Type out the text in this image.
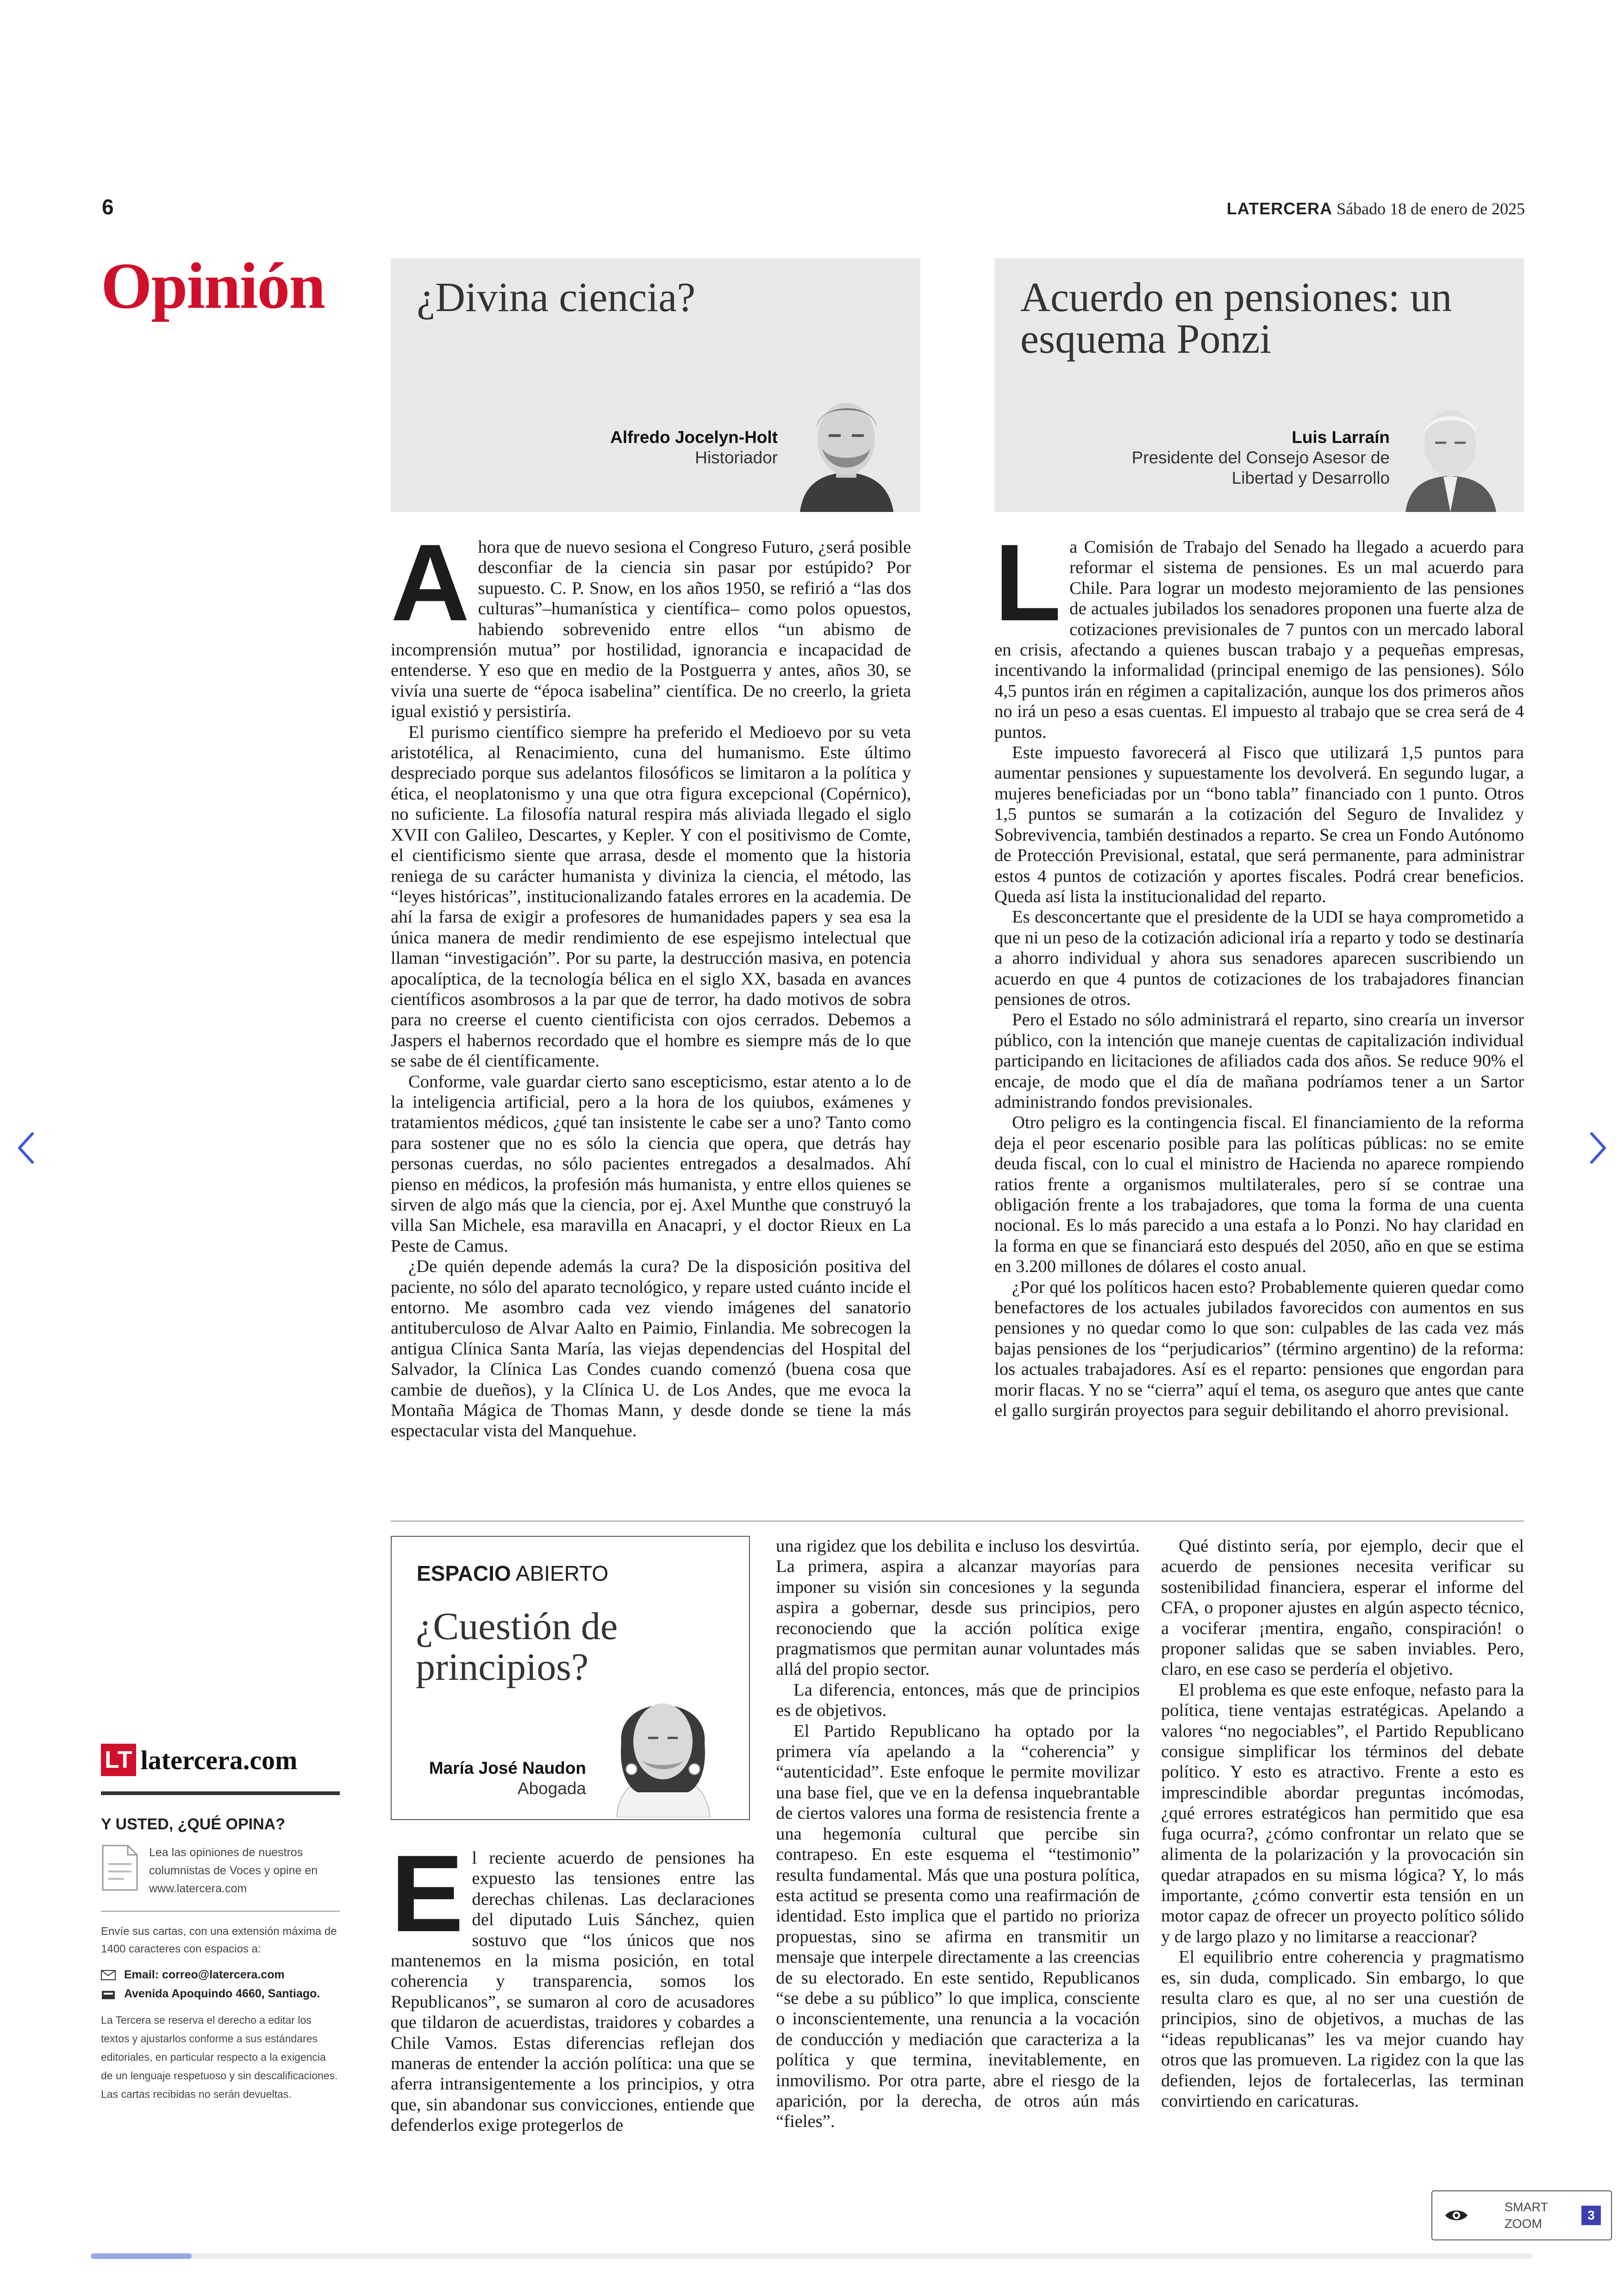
6	LATERCERA Sábado 18 de enero de 2025
Opinión ¿Divina ciencia?
Alfredo Jocelyn-Holt
Historiador
Acuerdo en pensiones: un esquema Ponzi
Luis Larraín
Presidente del Consejo Asesor de Libertad y Desarrollo
A hora que de nuevo sesiona el Congreso Futuro, ¿será posible desconfiar de la ciencia sin pasar por estúpido? Por supuesto. C. P. Snow, en los años 1950, se refirió a “las dos culturas”–humanística y científica– como polos opuestos, habiendo sobrevenido entre ellos “un abismo de incomprensión mutua” por hostilidad, ignorancia e incapacidad de entenderse. Y eso que en medio de la Postguerra y antes, años 30, se vivía una suerte de “época isabelina” científica. De no creerlo, la grieta igual existió y persistiría.

El purismo científico siempre ha preferido el Medioevo por su veta aristotélica, al Renacimiento, cuna del humanismo. Este último despreciado porque sus adelantos filosóficos se limitaron a la política y ética, el neoplatonismo y una que otra figura excepcional (Copérnico), no suficiente. La filosofía natural respira más aliviada llegado el siglo XVII con Galileo, Descartes, y Kepler. Y con el positivismo de Comte, el cientificismo siente que arrasa, desde el momento que la historia reniega de su carácter humanista y diviniza la ciencia, el método, las “leyes históricas”, institucionalizando fatales errores en la academia. De ahí la farsa de exigir a profesores de humanidades papers y sea esa la única manera de medir rendimiento de ese espejismo intelectual que llaman “investigación”. Por su parte, la destrucción masiva, en potencia apocalíptica, de la tecnología bélica en el siglo XX, basada en avances científicos asombrosos a la par que de terror, ha dado motivos de sobra para no creerse el cuento cientificista con ojos cerrados. Debemos a Jaspers el habernos recordado que el hombre es siempre más de lo que se sabe de él científicamente.

Conforme, vale guardar cierto sano escepticismo, estar atento a lo de la inteligencia artificial, pero a la hora de los quiubos, exámenes y tratamientos médicos, ¿qué tan insistente le cabe ser a uno? Tanto como para sostener que no es sólo la ciencia que opera, que detrás hay personas cuerdas, no sólo pacientes entregados a desalmados. Ahí pienso en médicos, la profesión más humanista, y entre ellos quienes se sirven de algo más que la ciencia, por ej. Axel Munthe que construyó la villa San Michele, esa maravilla en Anacapri, y el doctor Rieux en La Peste de Camus.

¿De quién depende además la cura? De la disposición positiva del paciente, no sólo del aparato tecnológico, y repare usted cuánto incide el entorno. Me asombro cada vez viendo imágenes del sanatorio antituberculoso de Alvar Aalto en Paimio, Finlandia. Me sobrecogen la antigua Clínica Santa María, las viejas dependencias del Hospital del Salvador, la Clínica Las Condes cuando comenzó (buena cosa que cambie de dueños), y la Clínica U. de Los Andes, que me evoca la Montaña Mágica de Thomas Mann, y desde donde se tiene la más espectacular vista del Manquehue.

L a Comisión de Trabajo del Senado ha llegado a acuerdo para reformar el sistema de pensiones. Es un mal acuerdo para Chile. Para lograr un modesto mejoramiento de las pensiones de actuales jubilados los senadores proponen una fuerte alza de cotizaciones previsionales de 7 puntos con un mercado laboral en crisis, afectando a quienes buscan trabajo y a pequeñas empresas, incentivando la informalidad (principal enemigo de las pensiones). Sólo 4,5 puntos irán en régimen a capitalización, aunque los dos primeros años no irá un peso a esas cuentas. El impuesto al trabajo que se crea será de 4 puntos.

Este impuesto favorecerá al Fisco que utilizará 1,5 puntos para aumentar pensiones y supuestamente los devolverá. En segundo lugar, a mujeres beneficiadas por un “bono tabla” financiado con 1 punto. Otros 1,5 puntos se sumarán a la cotización del Seguro de Invalidez y Sobrevivencia, también destinados a reparto. Se crea un Fondo Autónomo de Protección Previsional, estatal, que será permanente, para administrar estos 4 puntos de cotización y aportes fiscales. Podrá crear beneficios. Queda así lista la institucionalidad del reparto.

Es desconcertante que el presidente de la UDI se haya comprometido a que ni un peso de la cotización adicional iría a reparto y todo se destinaría a ahorro individual y ahora sus senadores aparecen suscribiendo un acuerdo en que 4 puntos de cotizaciones de los trabajadores financian pensiones de otros.

Pero el Estado no sólo administrará el reparto, sino crearía un inversor público, con la intención que maneje cuentas de capitalización individual participando en licitaciones de afiliados cada dos años. Se reduce 90% el encaje, de modo que el día de mañana podríamos tener a un Sartor administrando fondos previsionales.

Otro peligro es la contingencia fiscal. El financiamiento de la reforma deja el peor escenario posible para las políticas públicas: no se emite deuda fiscal, con lo cual el ministro de Hacienda no aparece rompiendo ratios frente a organismos multilaterales, pero sí se contrae una obligación frente a los trabajadores, que toma la forma de una cuenta nocional. Es lo más parecido a una estafa a lo Ponzi. No hay claridad en la forma en que se financiará esto después del 2050, año en que se estima en 3.200 millones de dólares el costo anual.

¿Por qué los políticos hacen esto? Probablemente quieren quedar como benefactores de los actuales jubilados favorecidos con aumentos en sus pensiones y no quedar como lo que son: culpables de las cada vez más bajas pensiones de los “perjudicarios” (término argentino) de la reforma: los actuales trabajadores. Así es el reparto: pensiones que engordan para morir flacas. Y no se “cierra” aquí el tema, os aseguro que antes que cante el gallo surgirán proyectos para seguir debilitando el ahorro previsional.

ESPACIO ABIERTO
¿Cuestión de principios?
María José Naudon
Abogada
E l reciente acuerdo de pensiones ha expuesto las tensiones entre las derechas chilenas. Las declaraciones del diputado Luis Sánchez, quien sostuvo que “los únicos que nos mantenemos en la misma posición, en total coherencia y transparencia, somos los Republicanos”, se sumaron al coro de acusadores que tildaron de acuerdistas, traidores y cobardes a Chile Vamos. Estas diferencias reflejan dos maneras de entender la acción política: una que se aferra intransigentemente a los principios, y otra que, sin abandonar sus convicciones, entiende que defenderlos exige protegerlos de

una rigidez que los debilita e incluso los desvirtúa. La primera, aspira a alcanzar mayorías para imponer su visión sin concesiones y la segunda aspira a gobernar, desde sus principios, pero reconociendo que la acción política exige pragmatismos que permitan aunar voluntades más allá del propio sector.

La diferencia, entonces, más que de principios es de objetivos.

El Partido Republicano ha optado por la primera vía apelando a la “coherencia” y “autenticidad”. Este enfoque le permite movilizar una base fiel, que ve en la defensa inquebrantable de ciertos valores una forma de resistencia frente a una hegemonía cultural que percibe sin contrapeso. En este esquema el “testimonio” resulta fundamental. Más que una postura política, esta actitud se presenta como una reafirmación de identidad. Esto implica que el partido no prioriza propuestas, sino se afirma en transmitir un mensaje que interpele directamente a las creencias de su electorado. En este sentido, Republicanos “se debe a su público” lo que implica, consciente o inconscientemente, una renuncia a la vocación de conducción y mediación que caracteriza a la política y que termina, inevitablemente, en inmovilismo. Por otra parte, abre el riesgo de la aparición, por la derecha, de otros aún más “fieles”.

Qué distinto sería, por ejemplo, decir que el acuerdo de pensiones necesita verificar su sostenibilidad financiera, esperar el informe del CFA, o proponer ajustes en algún aspecto técnico, a vociferar ¡mentira, engaño, conspiración! o proponer salidas que se saben inviables. Pero, claro, en ese caso se perdería el objetivo.

El problema es que este enfoque, nefasto para la política, tiene ventajas estratégicas. Apelando a valores “no negociables”, el Partido Republicano consigue simplificar los términos del debate político. Y esto es atractivo. Frente a esto es imprescindible abordar preguntas incómodas, ¿qué errores estratégicos han permitido que esa fuga ocurra?, ¿cómo confrontar un relato que se alimenta de la polarización y la provocación sin quedar atrapados en su misma lógica? Y, lo más importante, ¿cómo convertir esta tensión en un motor capaz de ofrecer un proyecto político sólido y de largo plazo y no limitarse a reaccionar?

El equilibrio entre coherencia y pragmatismo es, sin duda, complicado. Sin embargo, lo que resulta claro es que, al no ser una cuestión de principios, sino de objetivos, a muchas de las “ideas republicanas” les va mejor cuando hay otros que las promueven. La rigidez con la que las defienden, lejos de fortalecerlas, las terminan convirtiendo en caricaturas.

LT latercera.com
Y USTED, ¿QUÉ OPINA?
Lea las opiniones de nuestros columnistas de Voces y opine en www.latercera.com
Envíe sus cartas, con una extensión máxima de 1400 caracteres con espacios a:
Email: correo@latercera.com
Avenida Apoquindo 4660, Santiago.
La Tercera se reserva el derecho a editar los textos y ajustarlos conforme a sus estándares editoriales, en particular respecto a la exigencia de un lenguaje respetuoso y sin descalificaciones. Las cartas recibidas no serán devueltas.
SMART
ZOOM
3
